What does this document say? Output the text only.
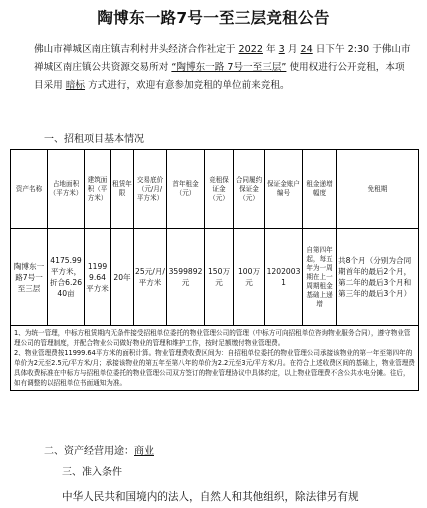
陶博东一路7号一至三层竞租公告
佛山市禅城区南庄镇吉利村井头经济合作社定于 2022 年 3 月 24 日下午 2:30 于佛山市禅城区南庄镇公共资源交易所对 “陶博东一路 7号一至三层” 使用权进行公开竞租，本项目采用 暗标 方式进行，欢迎有意参加竞租的单位前来竞租。
一、招租项目基本情况
资产名称	占地面积（平方米）	建筑面积（平方米）	租赁年限	交易底价（元/月/平方米）	首年租金（元）	竞租保证金（元）	合同履约保证金（元）	保证金账户编号	租金递增幅度	免租期
陶博东一路7号一至三层	4175.99平方米，折合6.2640亩	11999.64平方米	20年	25元/月/平方米	3599892元	150万元	100万元	12020031	自第四年起，每五年为一周期在上一周期租金基础上递增	共8个月（分别为合同期首年的最后2个月，第二年的最后3个月和第三年的最后3个月）

1、为统一管理，中标方租赁期内无条件接受招租单位委托的物业管理公司的管理（中标方可向招租单位咨询物业服务合同），遵守物业管理公司的管理制度，并配合物业公司做好物业的管理和维护工作，按时足额缴付物业管理费。

2、物业管理费按11999.64平方米的面积计算。物业管理费收费区间为：自招租单位委托的物业管理公司承接该物业的第一年至第四年的单价为2元至2.5元/平方米/月；承接该物业的第五年至第八年的单价为2.2元至3元/平方米/月。在符合上述收费区间的基础上，物业管理费具体收费标准在中标方与招租单位委托的物业管理公司双方签订的物业管理协议中具体约定，以上物业管理费不含公共水电分摊。往后，如有调整的以招租单位书面通知为准。										

二、资产经营用途：商业
三、准入条件
中华人民共和国境内的法人，自然人和其他组织，除法律另有规
